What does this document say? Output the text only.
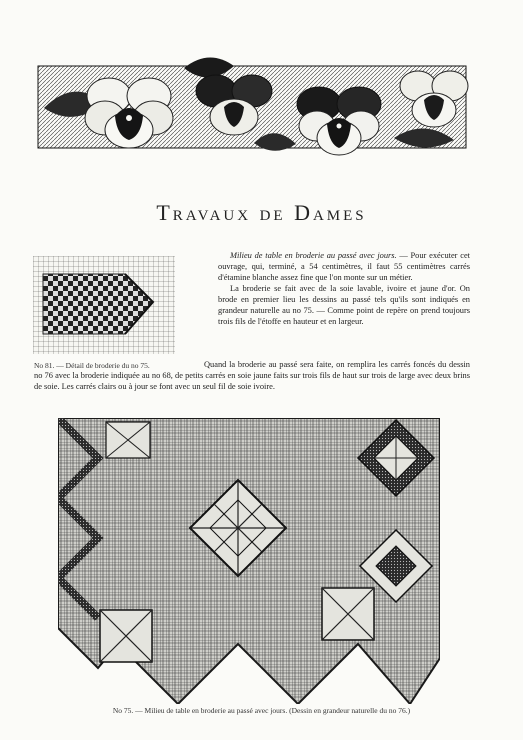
Travaux de Dames
No 81. — Détail de broderie du no 75.

Milieu de table en broderie au passé avec jours. — Pour exécuter cet ouvrage, qui, terminé, a 54 centimètres, il faut 55 centimètres carrés d'étamine blanche assez fine que l'on monte sur un métier.

La broderie se fait avec de la soie lavable, ivoire et jaune d'or. On brode en premier lieu les dessins au passé tels qu'ils sont indiqués en grandeur naturelle au no 75. — Comme point de repère on prend toujours trois fils de l'étoffe en hauteur et en largeur.

Quand la broderie au passé sera faite, on remplira les carrés foncés du dessin no 76 avec la broderie indiquée au no 68, de petits carrés en soie jaune faits sur trois fils de haut sur trois de large avec deux brins de soie. Les carrés clairs ou à jour se font avec un seul fil de soie ivoire.

No 75. — Milieu de table en broderie au passé avec jours. (Dessin en grandeur naturelle du no 76.)
